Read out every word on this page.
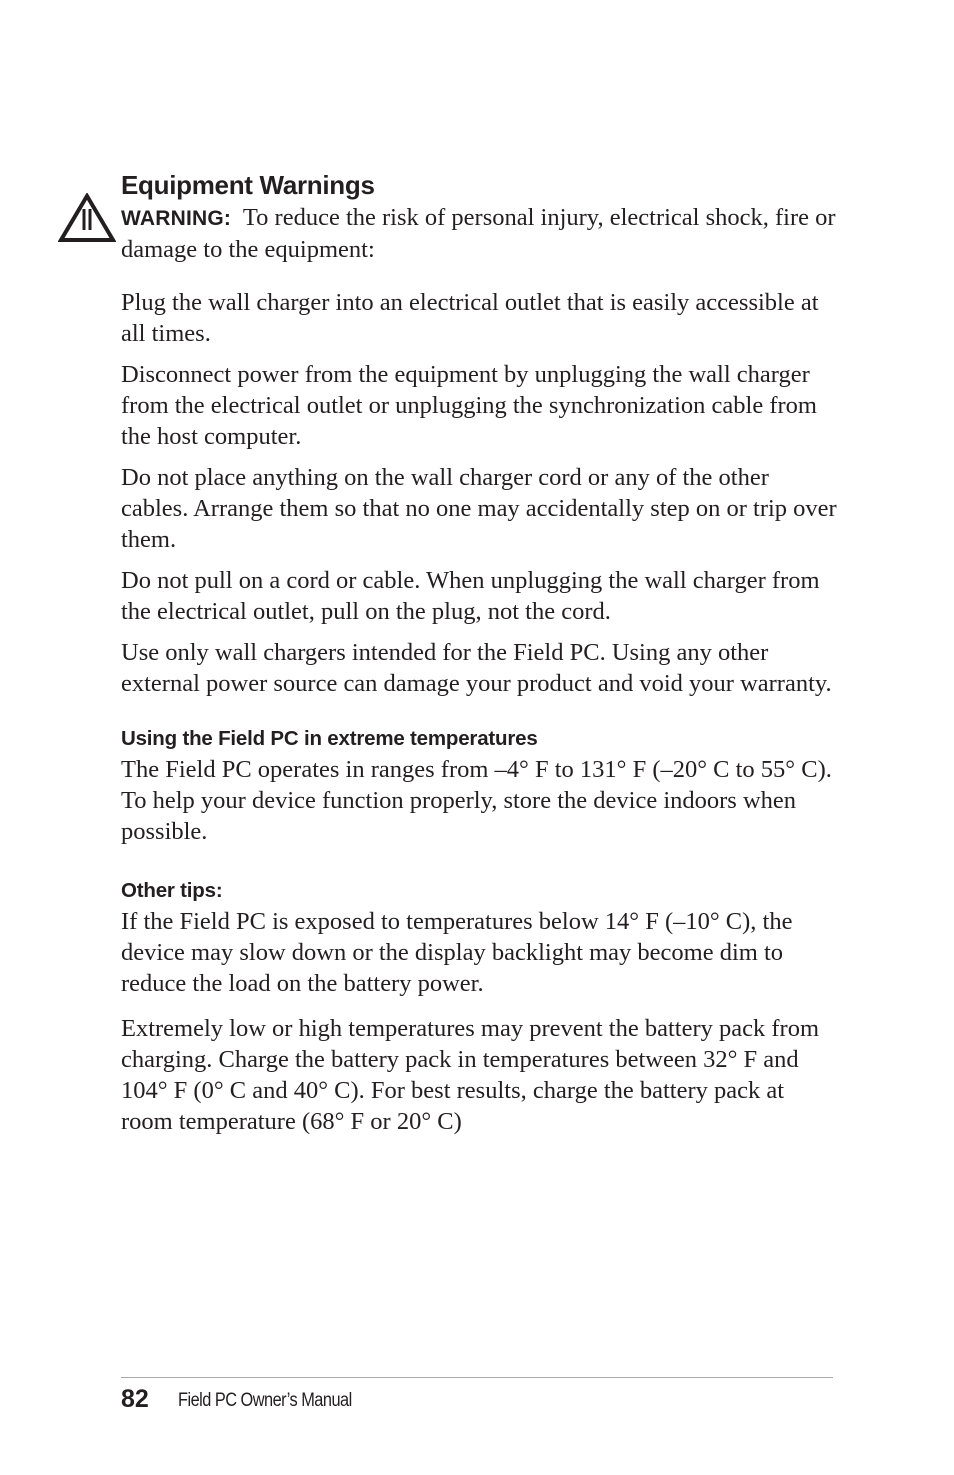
Equipment Warnings

WARNING: To reduce the risk of personal injury, electrical shock, fire or damage to the equipment:

Plug the wall charger into an electrical outlet that is easily accessible at all times.

Disconnect power from the equipment by unplugging the wall charger from the electrical outlet or unplugging the synchronization cable from the host computer.

Do not place anything on the wall charger cord or any of the other cables. Arrange them so that no one may accidentally step on or trip over them.

Do not pull on a cord or cable. When unplugging the wall charger from the electrical outlet, pull on the plug, not the cord.

Use only wall chargers intended for the Field PC. Using any other external power source can damage your product and void your warranty.

Using the Field PC in extreme temperatures

The Field PC operates in ranges from –4° F to 131° F (–20° C to 55° C). To help your device function properly, store the device indoors when possible.

Other tips:

If the Field PC is exposed to temperatures below 14° F (–10° C), the device may slow down or the display backlight may become dim to reduce the load on the battery power.

Extremely low or high temperatures may prevent the battery pack from charging. Charge the battery pack in temperatures between 32° F and 104° F (0° C and 40° C). For best results, charge the battery pack at room temperature (68° F or 20° C)

82 Field PC Owner’s Manual
